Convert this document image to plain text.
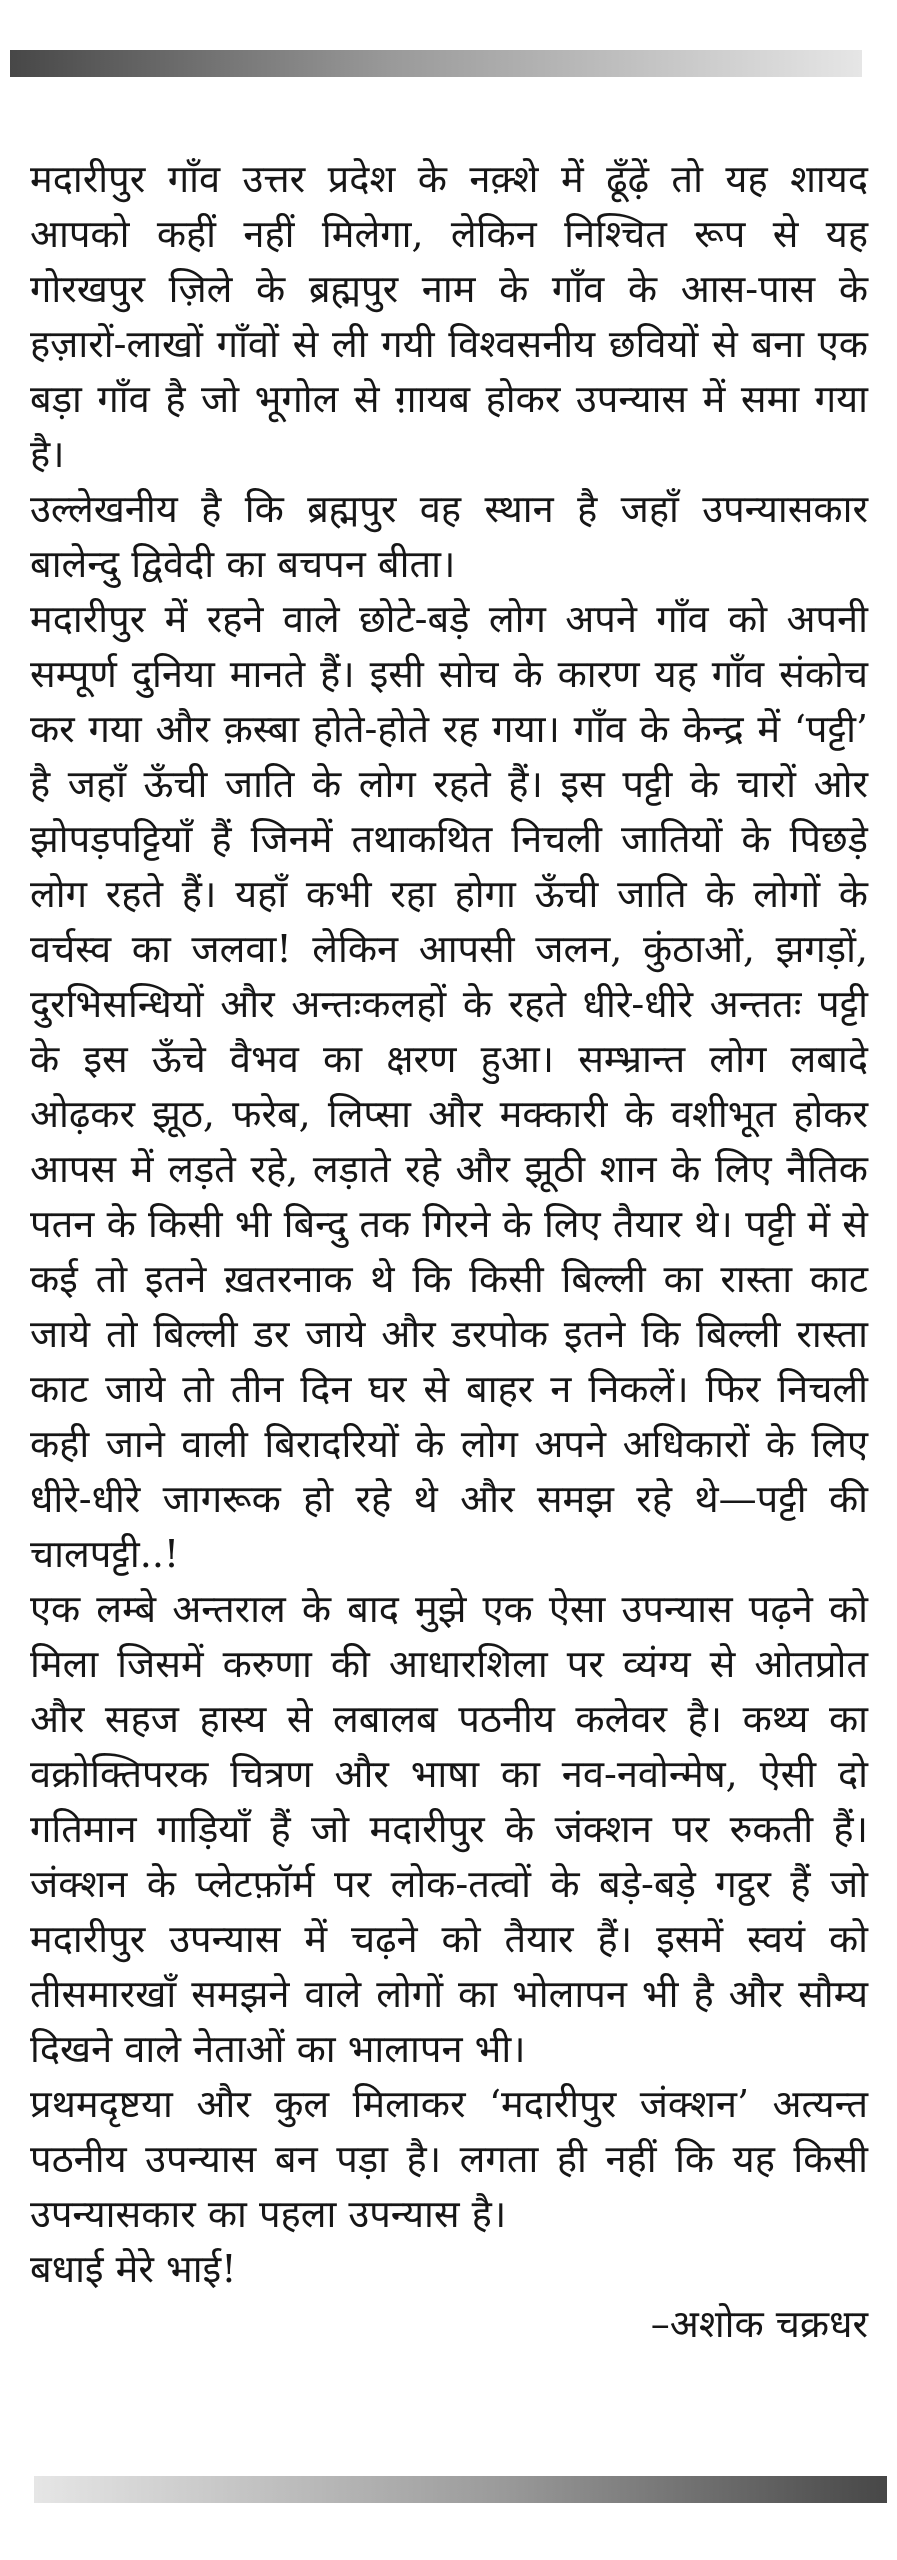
मदारीपुर गाँव उत्तर प्रदेश के नक़्शे में ढूँढ़ें तो यह शायद आपको कहीं नहीं मिलेगा, लेकिन निश्चित रूप से यह गोरखपुर ज़िले के ब्रह्मपुर नाम के गाँव के आस-पास के हज़ारों-लाखों गाँवों से ली गयी विश्वसनीय छवियों से बना एक बड़ा गाँव है जो भूगोल से ग़ायब होकर उपन्यास में समा गया है।

उल्लेखनीय है कि ब्रह्मपुर वह स्थान है जहाँ उपन्यासकार बालेन्दु द्विवेदी का बचपन बीता।

मदारीपुर में रहने वाले छोटे-बड़े लोग अपने गाँव को अपनी सम्पूर्ण दुनिया मानते हैं। इसी सोच के कारण यह गाँव संकोच कर गया और क़स्बा होते-होते रह गया। गाँव के केन्द्र में ‘पट्टी’ है जहाँ ऊँची जाति के लोग रहते हैं। इस पट्टी के चारों ओर झोपड़पट्टियाँ हैं जिनमें तथाकथित निचली जातियों के पिछड़े लोग रहते हैं। यहाँ कभी रहा होगा ऊँची जाति के लोगों के वर्चस्व का जलवा! लेकिन आपसी जलन, कुंठाओं, झगड़ों, दुरभिसन्धियों और अन्तःकलहों के रहते धीरे-धीरे अन्ततः पट्टी के इस ऊँचे वैभव का क्षरण हुआ। सम्भ्रान्त लोग लबादे ओढ़कर झूठ, फरेब, लिप्सा और मक्कारी के वशीभूत होकर आपस में लड़ते रहे, लड़ाते रहे और झूठी शान के लिए नैतिक पतन के किसी भी बिन्दु तक गिरने के लिए तैयार थे। पट्टी में से कई तो इतने ख़तरनाक थे कि किसी बिल्ली का रास्ता काट जाये तो बिल्ली डर जाये और डरपोक इतने कि बिल्ली रास्ता काट जाये तो तीन दिन घर से बाहर न निकलें। फिर निचली कही जाने वाली बिरादरियों के लोग अपने अधिकारों के लिए धीरे-धीरे जागरूक हो रहे थे और समझ रहे थे—पट्टी की चालपट्टी..!

एक लम्बे अन्तराल के बाद मुझे एक ऐसा उपन्यास पढ़ने को मिला जिसमें करुणा की आधारशिला पर व्यंग्य से ओतप्रोत और सहज हास्य से लबालब पठनीय कलेवर है। कथ्य का वक्रोक्तिपरक चित्रण और भाषा का नव-नवोन्मेष, ऐसी दो गतिमान गाड़ियाँ हैं जो मदारीपुर के जंक्शन पर रुकती हैं। जंक्शन के प्लेटफ़ॉर्म पर लोक-तत्वों के बड़े-बड़े गट्ठर हैं जो मदारीपुर उपन्यास में चढ़ने को तैयार हैं। इसमें स्वयं को तीसमारखाँ समझने वाले लोगों का भोलापन भी है और सौम्य दिखने वाले नेताओं का भालापन भी।

प्रथमदृष्टया और कुल मिलाकर ‘मदारीपुर जंक्शन’ अत्यन्त पठनीय उपन्यास बन पड़ा है। लगता ही नहीं कि यह किसी उपन्यासकार का पहला उपन्यास है।

बधाई मेरे भाई!

–अशोक चक्रधर
